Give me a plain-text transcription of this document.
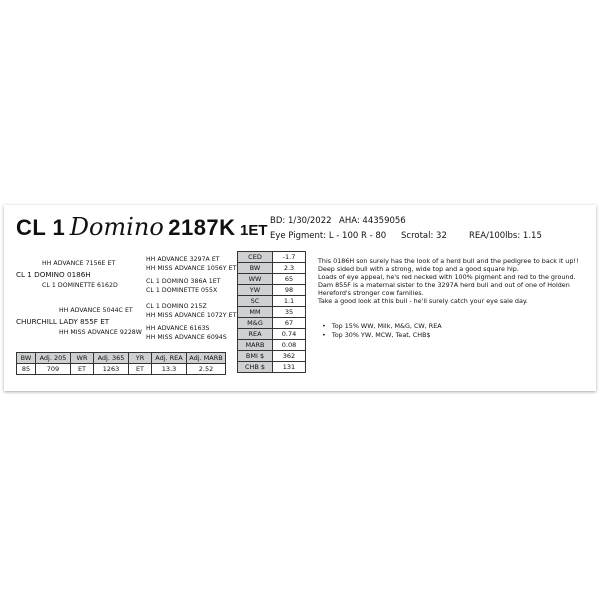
CL 1 Domino 2187K 1ET
BD: 1/30/2022 AHA: 44359056
Eye Pigment: L - 100 R - 80 Scrotal: 32	REA/100lbs: 1.15
HH ADVANCE 7156E ET
CL 1 DOMINO 0186H
CL 1 DOMINETTE 6162D
HH ADVANCE 3297A ET
HH MISS ADVANCE 1056Y ET
CL 1 DOMINO 386A 1ET
CL 1 DOMINETTE 055X
HH ADVANCE 5044C ET
CHURCHILL LADY 855F ET
HH MISS ADVANCE 9228W
CL 1 DOMINO 215Z
HH MISS ADVANCE 1072Y ET
HH ADVANCE 6163S
HH MISS ADVANCE 6094S
BW	Adj. 205	WR	Adj. 365	YR	Adj. REA	Adj. MARB
85	709	ET	1263	ET	13.3	2.52
CED	-1.7
BW	2.3
WW	65
YW	98
SC	1.1
MM	35
M&G	67
REA	0.74
MARB	0.08
BMI $	362
CHB $	131
This 0186H son surely has the look of a herd bull and the pedigree to back it up!!
Deep sided bull with a strong, wide top and a good square hip.
Loads of eye appeal, he's red necked with 100% pigment and red to the ground.
Dam 855F is a maternal sister to the 3297A herd bull and out of one of Holden
Hereford's stronger cow families.
Take a good look at this bull - he'll surely catch your eye sale day.
•   Top 15% WW, Milk, M&G, CW, REA
•   Top 30% YW, MCW, Teat, CHB$
